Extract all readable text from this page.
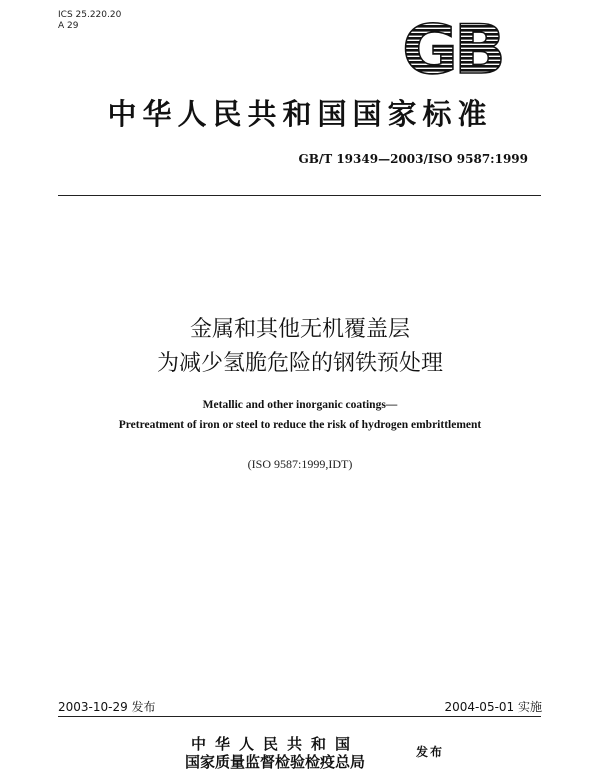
ICS 25.220.20
A 29	GB
中华人民共和国国家标准
GB/T 19349—2003/ISO 9587:1999
金属和其他无机覆盖层
为减少氢脆危险的钢铁预处理
Metallic and other inorganic coatings—
Pretreatment of iron or steel to reduce the risk of hydrogen embrittlement
(ISO 9587:1999,IDT)
2003-10-29 发布	2004-05-01 实施
中华人民共和国
国家质量监督检验检疫总局
发布
